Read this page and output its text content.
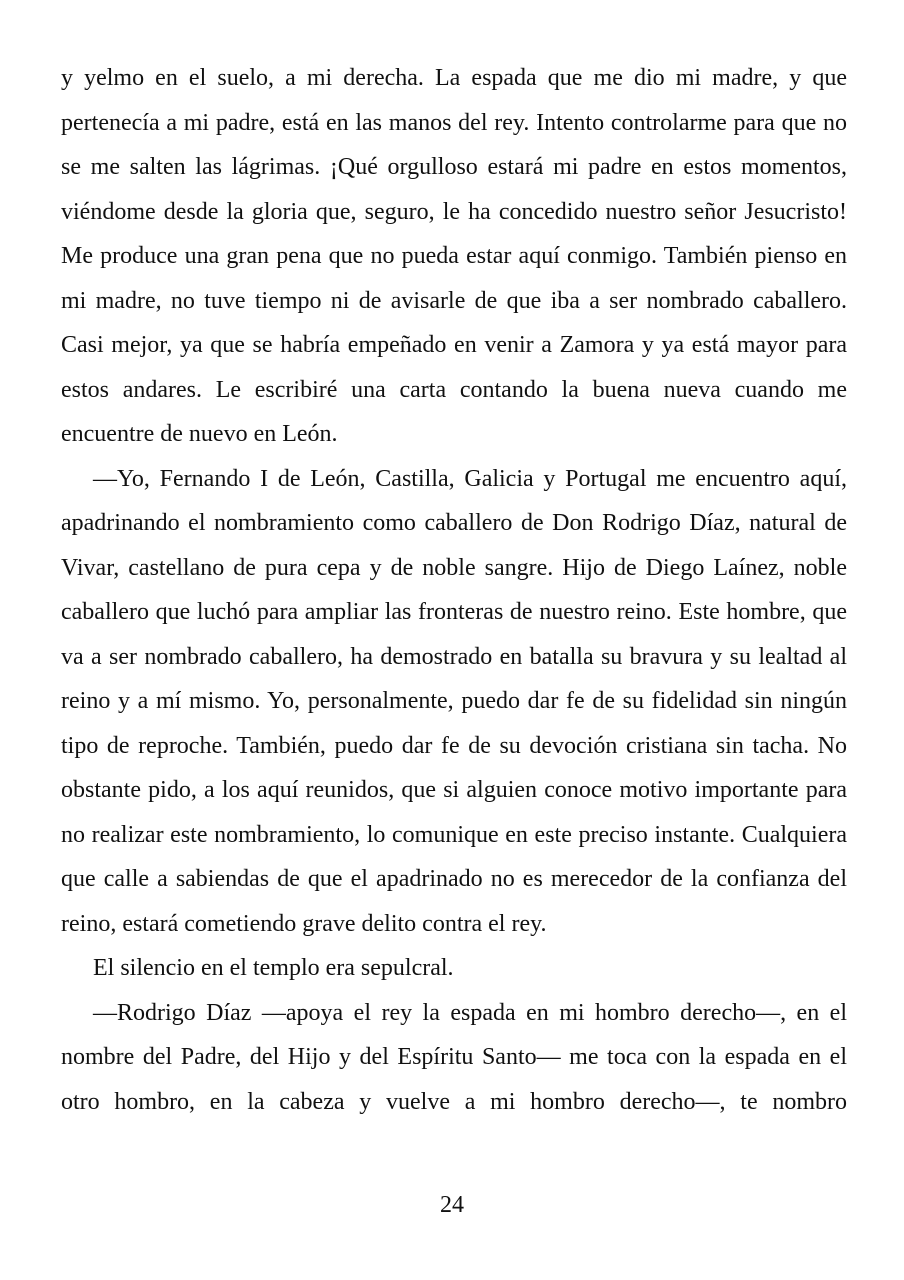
y yelmo en el suelo, a mi derecha. La espada que me dio mi madre, y que pertenecía a mi padre, está en las manos del rey. Intento controlarme para que no se me salten las lágrimas. ¡Qué orgulloso estará mi padre en estos momentos, viéndome desde la gloria que, seguro, le ha concedido nuestro señor Jesucristo! Me produce una gran pena que no pueda estar aquí conmigo. También pienso en mi madre, no tuve tiempo ni de avisarle de que iba a ser nombrado caballero. Casi mejor, ya que se habría empeñado en venir a Zamora y ya está mayor para estos andares. Le escribiré una carta contando la buena nueva cuando me encuentre de nuevo en León.

—Yo, Fernando I de León, Castilla, Galicia y Portugal me encuentro aquí, apadrinando el nombramiento como caballero de Don Rodrigo Díaz, natural de Vivar, castellano de pura cepa y de noble sangre. Hijo de Diego Laínez, noble caballero que luchó para ampliar las fronteras de nuestro reino. Este hombre, que va a ser nombrado caballero, ha demostrado en batalla su bravura y su lealtad al reino y a mí mismo. Yo, personalmente, puedo dar fe de su fidelidad sin ningún tipo de reproche. También, puedo dar fe de su devoción cristiana sin tacha. No obstante pido, a los aquí reunidos, que si alguien conoce motivo importante para no realizar este nombramiento, lo comunique en este preciso instante. Cualquiera que calle a sabiendas de que el apadrinado no es merecedor de la confianza del reino, estará cometiendo grave delito contra el rey.

El silencio en el templo era sepulcral.

—Rodrigo Díaz —apoya el rey la espada en mi hombro derecho—, en el nombre del Padre, del Hijo y del Espíritu Santo— me toca con la espada en el otro hombro, en la cabeza y vuelve a mi hombro derecho—, te nombro

24
